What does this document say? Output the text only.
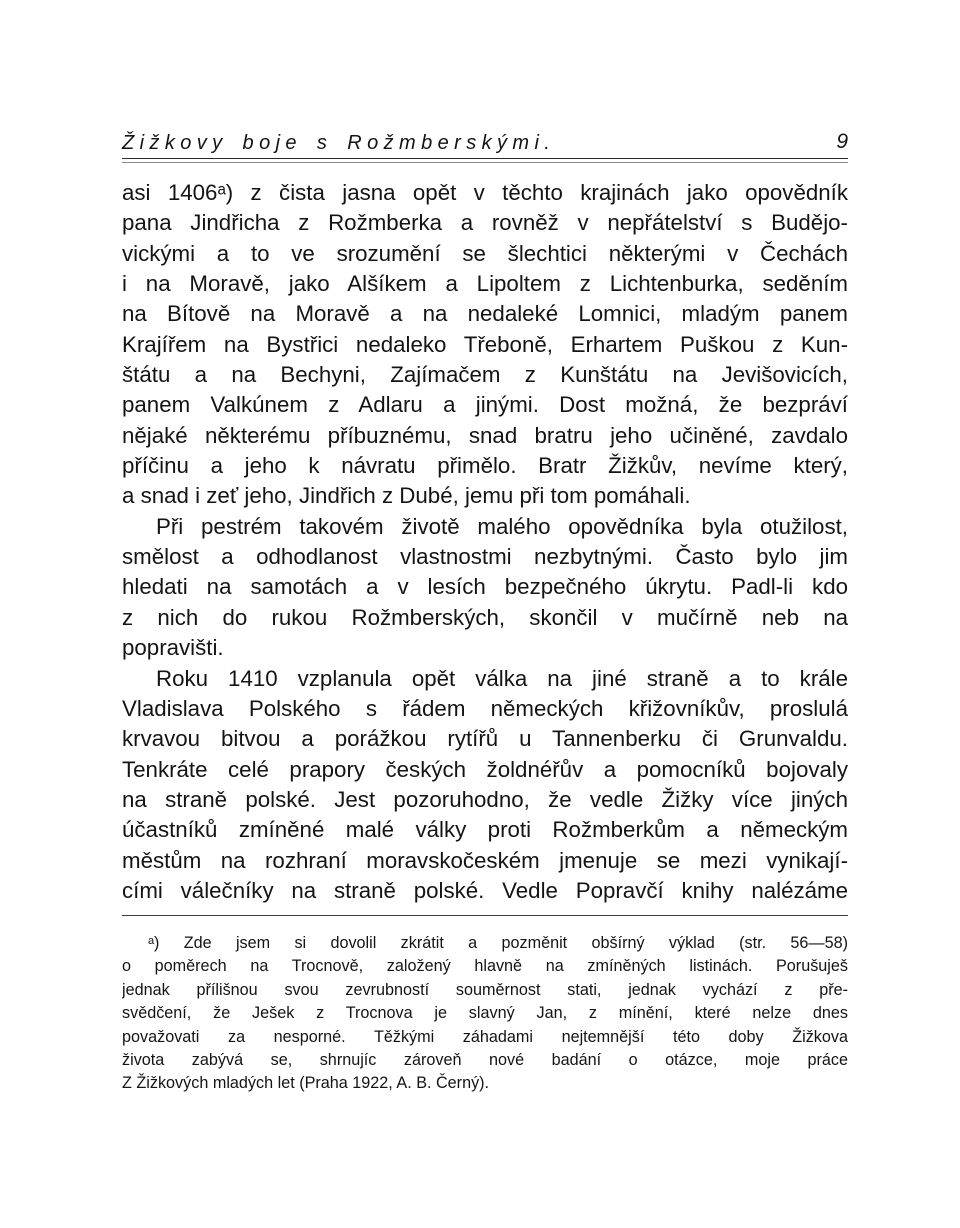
Žižkovy boje s Rožmberskými.	9
asi 1406ᵃ) z čista jasna opět v těchto krajinách jako opovědník
pana Jindřicha z Rožmberka a rovněž v nepřátelství s Budějo-
vickými a to ve srozumění se šlechtici některými v Čechách
i na Moravě, jako Alšíkem a Lipoltem z Lichtenburka, seděním
na Bítově na Moravě a na nedaleké Lomnici, mladým panem
Krajířem na Bystřici nedaleko Třeboně, Erhartem Puškou z Kun-
štátu a na Bechyni, Zajímačem z Kunštátu na Jevišovicích,
panem Valkúnem z Adlaru a jinými. Dost možná, že bezpráví
nějaké některému příbuznému, snad bratru jeho učiněné, zavdalo
příčinu a jeho k návratu přimělo. Bratr Žižkův, nevíme který,
a snad i zeť jeho, Jindřich z Dubé, jemu při tom pomáhali.
Při pestrém takovém životě malého opovědníka byla otužilost,
smělost a odhodlanost vlastnostmi nezbytnými. Často bylo jim
hledati na samotách a v lesích bezpečného úkrytu. Padl-li kdo
z nich do rukou Rožmberských, skončil v mučírně neb na
popravišti.
Roku 1410 vzplanula opět válka na jiné straně a to krále
Vladislava Polského s řádem německých křižovníkův, proslulá
krvavou bitvou a porážkou rytířů u Tannenberku či Grunvaldu.
Tenkráte celé prapory českých žoldnéřův a pomocníků bojovaly
na straně polské. Jest pozoruhodno, že vedle Žižky více jiných
účastníků zmíněné malé války proti Rožmberkům a německým
městům na rozhraní moravskočeském jmenuje se mezi vynikají-
cími válečníky na straně polské. Vedle Popravčí knihy nalézáme
ᵃ) Zde jsem si dovolil zkrátit a pozměnit obšírný výklad (str. 56—58)
o poměrech na Trocnově, založený hlavně na zmíněných listinách. Porušuješ
jednak přílišnou svou zevrubností souměrnost stati, jednak vychází z pře-
svědčení, že Ješek z Trocnova je slavný Jan, z mínění, které nelze dnes
považovati za nesporné. Těžkými záhadami nejtemnější této doby Žižkova
života zabývá se, shrnujíc zároveň nové badání o otázce, moje práce
Z Žižkových mladých let (Praha 1922, A. B. Černý).
